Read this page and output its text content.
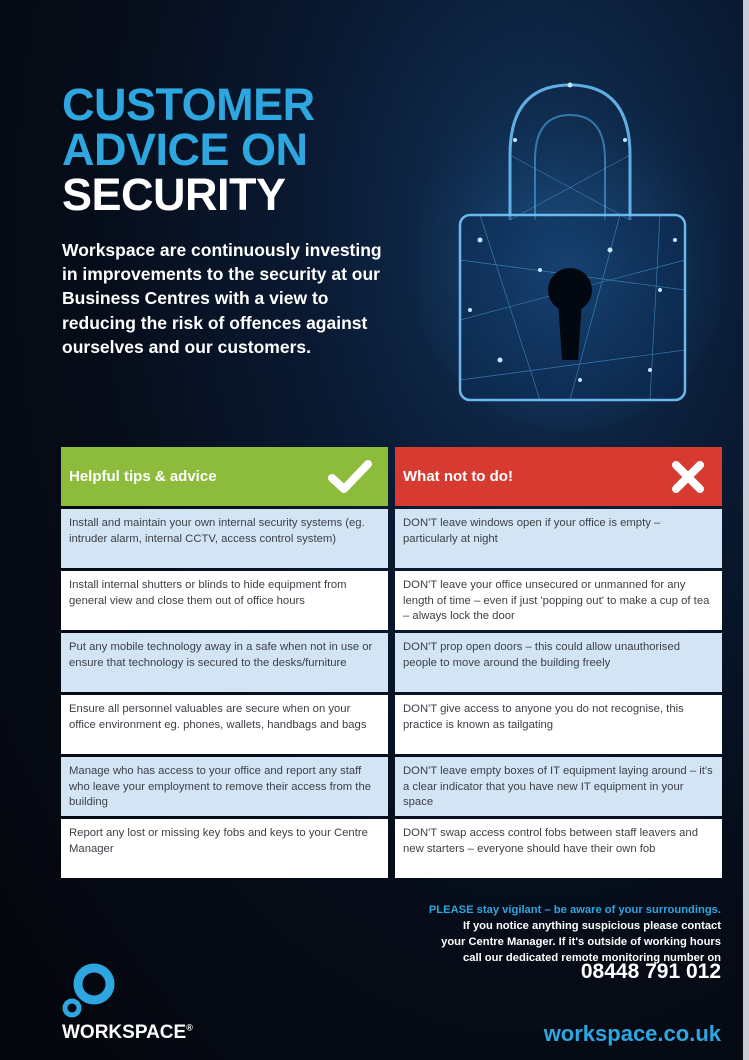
CUSTOMER
ADVICE ON
SECURITY
Workspace are continuously investing in improvements to the security at our Business Centres with a view to reducing the risk of offences against ourselves and our customers.
Helpful tips & advice
Install and maintain your own internal security systems (eg. intruder alarm, internal CCTV, access control system)
Install internal shutters or blinds to hide equipment from general view and close them out of office hours
Put any mobile technology away in a safe when not in use or ensure that technology is secured to the desks/furniture
Ensure all personnel valuables are secure when on your office environment eg. phones, wallets, handbags and bags
Manage who has access to your office and report any staff who leave your employment to remove their access from the building
Report any lost or missing key fobs and keys to your Centre Manager
What not to do!
DON'T leave windows open if your office is empty – particularly at night
DON'T leave your office unsecured or unmanned for any length of time – even if just 'popping out' to make a cup of tea – always lock the door
DON'T prop open doors – this could allow unauthorised people to move around the building freely
DON'T give access to anyone you do not recognise, this practice is known as tailgating
DON'T leave empty boxes of IT equipment laying around – it's a clear indicator that you have new IT equipment in your space
DON'T swap access control fobs between staff leavers and new starters – everyone should have their own fob
PLEASE stay vigilant – be aware of your surroundings.
If you notice anything suspicious please contact
your Centre Manager. If it's outside of working hours
call our dedicated remote monitoring number on
08448 791 012
WORKSPACE®	workspace.co.uk
